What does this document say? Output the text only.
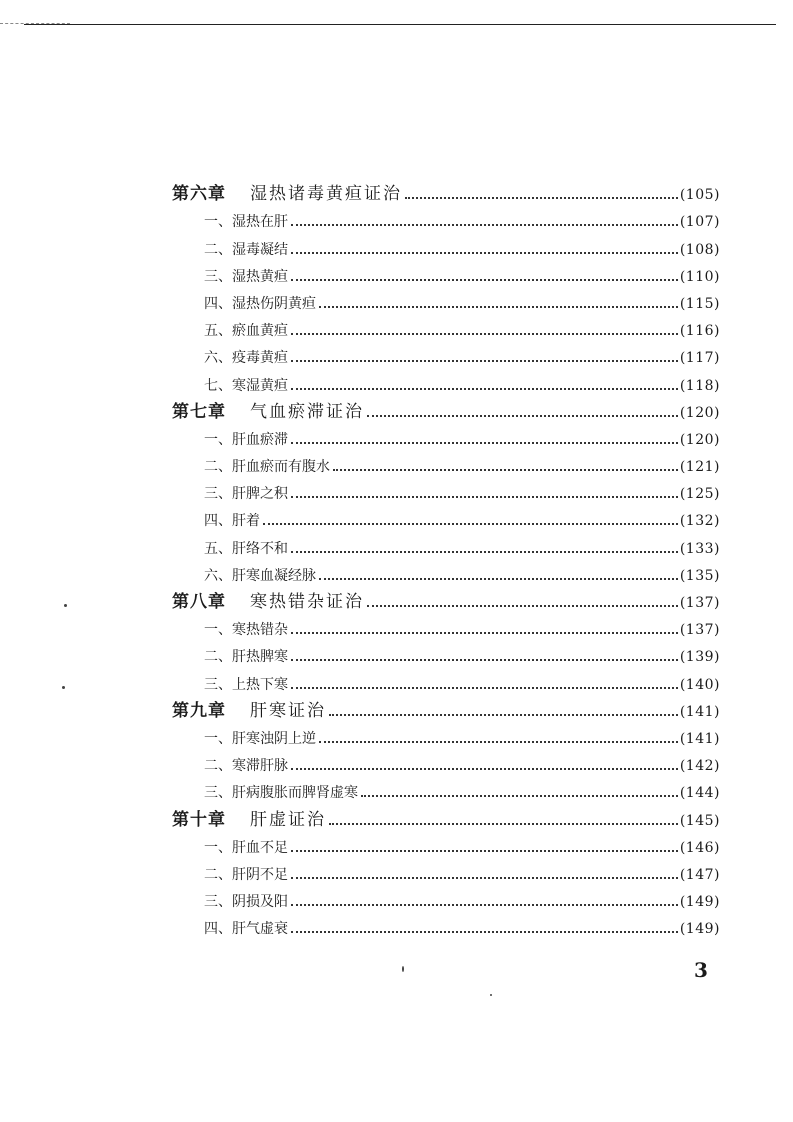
第六章 湿热诸毒黄疸证治	(105)
一、 湿热在肝	(107)
二、 湿毒凝结	(108)
三、 湿热黄疸	(110)
四、 湿热伤阴黄疸	(115)
五、 瘀血黄疸	(116)
六、 疫毒黄疸	(117)
七、 寒湿黄疸	(118)
第七章 气血瘀滞证治	(120)
一、 肝血瘀滞	(120)
二、 肝血瘀而有腹水	(121)
三、 肝脾之积	(125)
四、 肝着	(132)
五、 肝络不和	(133)
六、 肝寒血凝经脉	(135)
第八章 寒热错杂证治	(137)
一、 寒热错杂	(137)
二、 肝热脾寒	(139)
三、 上热下寒	(140)
第九章 肝寒证治	(141)
一、 肝寒浊阴上逆	(141)
二、 寒滞肝脉	(142)
三、 肝病腹胀而脾肾虚寒	(144)
第十章 肝虚证治	(145)
一、 肝血不足	(146)
二、 肝阴不足	(147)
三、 阴损及阳	(149)
四、 肝气虚衰	(149)
3
